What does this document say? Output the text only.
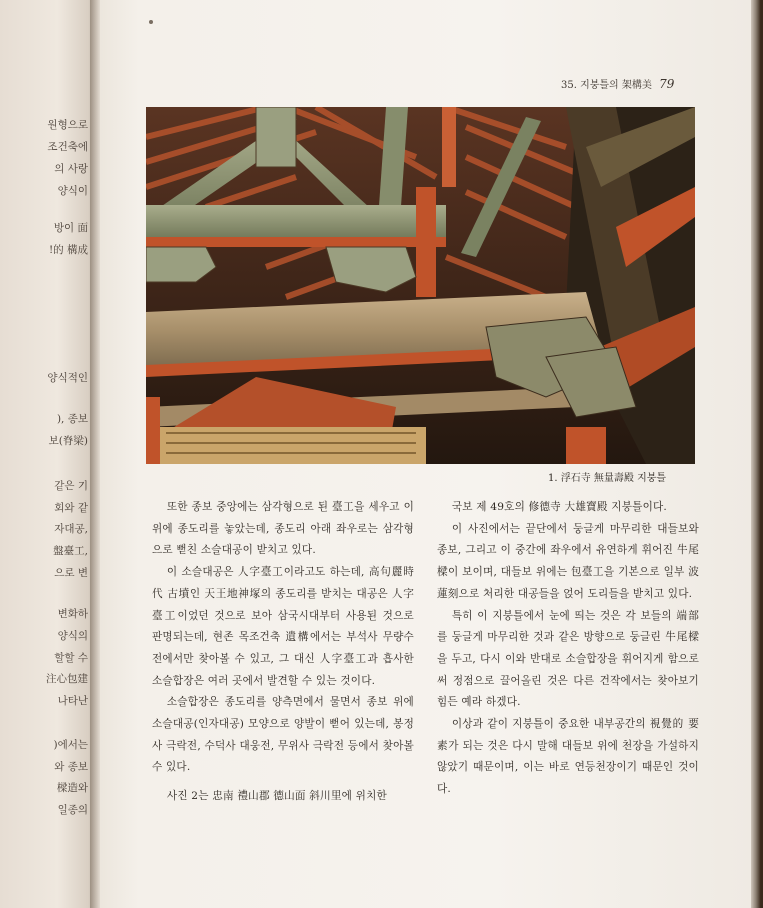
원형으로
조건축에
의 사랑
양식이
방이 面
!的 構成
양식적인
), 종보
보(脊梁)
같은 기
회와 같
자대공,
盤臺工,
으로 변
변화하
양식의
할할 수
注心包建
나타난
)에서는
와 종보
樑造와
일종의
35. 지붕틀의 架構美 79
1. 浮石寺 無量壽殿 지붕틀

또한 종보 중앙에는 삼각형으로 된 臺工을 세우고 이 위에 종도리를 놓았는데, 종도리 아래 좌우로는 삼각형으로 뻗친 소슬대공이 받치고 있다.

이 소슬대공은 人字臺工이라고도 하는데, 高句麗時代 古墳인 天王地神塚의 종도리를 받치는 대공은 人字臺工이었던 것으로 보아 삼국시대부터 사용된 것으로 판명되는데, 현존 목조건축 遺構에서는 부석사 무량수전에서만 찾아볼 수 있고, 그 대신 人字臺工과 흡사한 소슬합장은 여러 곳에서 발견할 수 있는 것이다.

소슬합장은 종도리를 양측면에서 물면서 종보 위에 소슬대공(인자대공) 모양으로 양발이 뻗어 있는데, 봉정사 극락전, 수덕사 대웅전, 무위사 극락전 등에서 찾아볼 수 있다.

사진 2는 忠南 禮山郡 德山面 斜川里에 위치한

국보 제 49호의 修德寺 大雄寶殿 지붕틀이다.

이 사진에서는 끝단에서 둥글게 마무리한 대들보와 종보, 그리고 이 중간에 좌우에서 유연하게 휘어진 牛尾樑이 보이며, 대들보 위에는 包臺工을 기본으로 일부 波蓮刻으로 처리한 대공들을 얹어 도리들을 받치고 있다.

특히 이 지붕틀에서 눈에 띄는 것은 각 보들의 端部를 둥글게 마무리한 것과 같은 방향으로 둥글린 牛尾樑을 두고, 다시 이와 반대로 소슬합장을 휘어지게 함으로써 정점으로 끌어올린 것은 다른 건작에서는 찾아보기 힘든 예라 하겠다.

이상과 같이 지붕틀이 중요한 내부공간의 視覺的 要素가 되는 것은 다시 말해 대들보 위에 천장을 가설하지 않았기 때문이며, 이는 바로 연등천장이기 때문인 것이다.
